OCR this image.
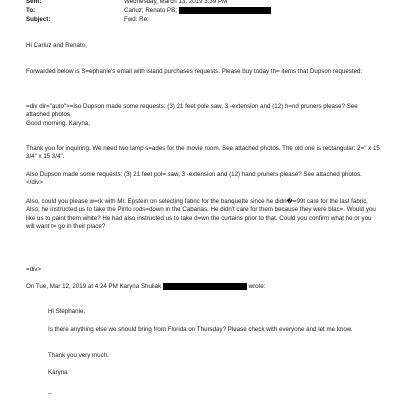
Sent:	Wednesday, March 13, 2019 3:39 PM
To:	Carluz; Renato PB;
Subject:	Fwd: Re:
Hi Carluz and Renato,
Forwarded below is S=ephanie's email with island purchases requests. Please buy today th= items that Dupson requested:

=div dir="auto">=lso Dupson made some requests: (3) 21 feet pole saw, 3 -extension and (12) h=nd pruners please? See attached photos.

Good morning, Karyna,

Thank you for inquiring. We need two lamp s=ades for the movie room. See attached photos. The old one is rectangular: 2=" x 15 3/4" x 15 3/4".
Also Dupson made some requests: (3) 21 feet pol= saw, 3 -extension and (12) hand pruners please? See attached photos. </div>
Also, could you please w=rk with Mr. Epstein on selecting fabric for the banquette since he didn�=99t care for the last fabric. Also, he instructed us to take the Pinto rods=down in the Cabanas. He didn't care for them because they were blac=. Would you like us to paint them white? He had also instructed us to take d=wn the curtains prior to that. Could you confirm what he or you will want t= go in their place?
=div>
On Tue, Mar 12, 2019 at 4:24 PM Karyna Shuliak	wrote:
Hi Stephanie,
Is there anything else we should bring from Florida on Thursday? Please check with everyone and let me know.
Thank you very much.
Karyna
--
